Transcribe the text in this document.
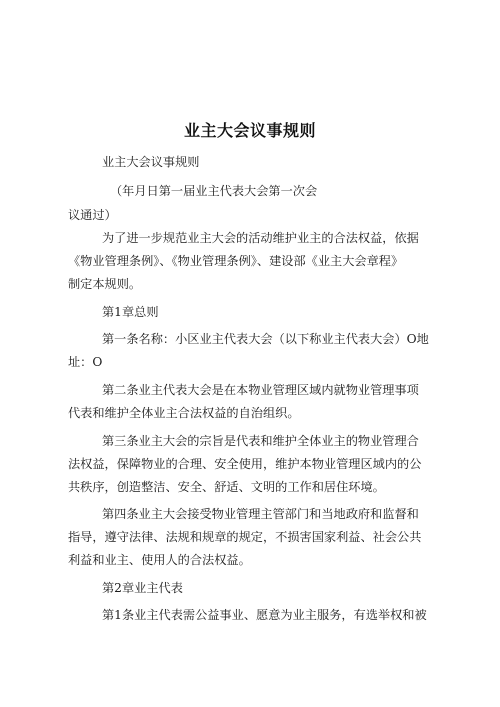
业主大会议事规则
业主大会议事规则
（年月日第一届业主代表大会第一次会
议通过）
为了进一步规范业主大会的活动维护业主的合法权益，依据
《物业管理条例》、《物业管理条例》、建设部《业主大会章程》
制定本规则。
第1章总则
第一条名称：小区业主代表大会（以下称业主代表大会）O地
址：O
第二条业主代表大会是在本物业管理区域内就物业管理事项
代表和维护全体业主合法权益的自治组织。
第三条业主大会的宗旨是代表和维护全体业主的物业管理合
法权益，保障物业的合理、安全使用，维护本物业管理区域内的公
共秩序，创造整洁、安全、舒适、文明的工作和居住环境。
第四条业主大会接受物业管理主管部门和当地政府和监督和
指导，遵守法律、法规和规章的规定，不损害国家利益、社会公共
利益和业主、使用人的合法权益。
第2章业主代表
第1条业主代表需公益事业、愿意为业主服务，有选举权和被
